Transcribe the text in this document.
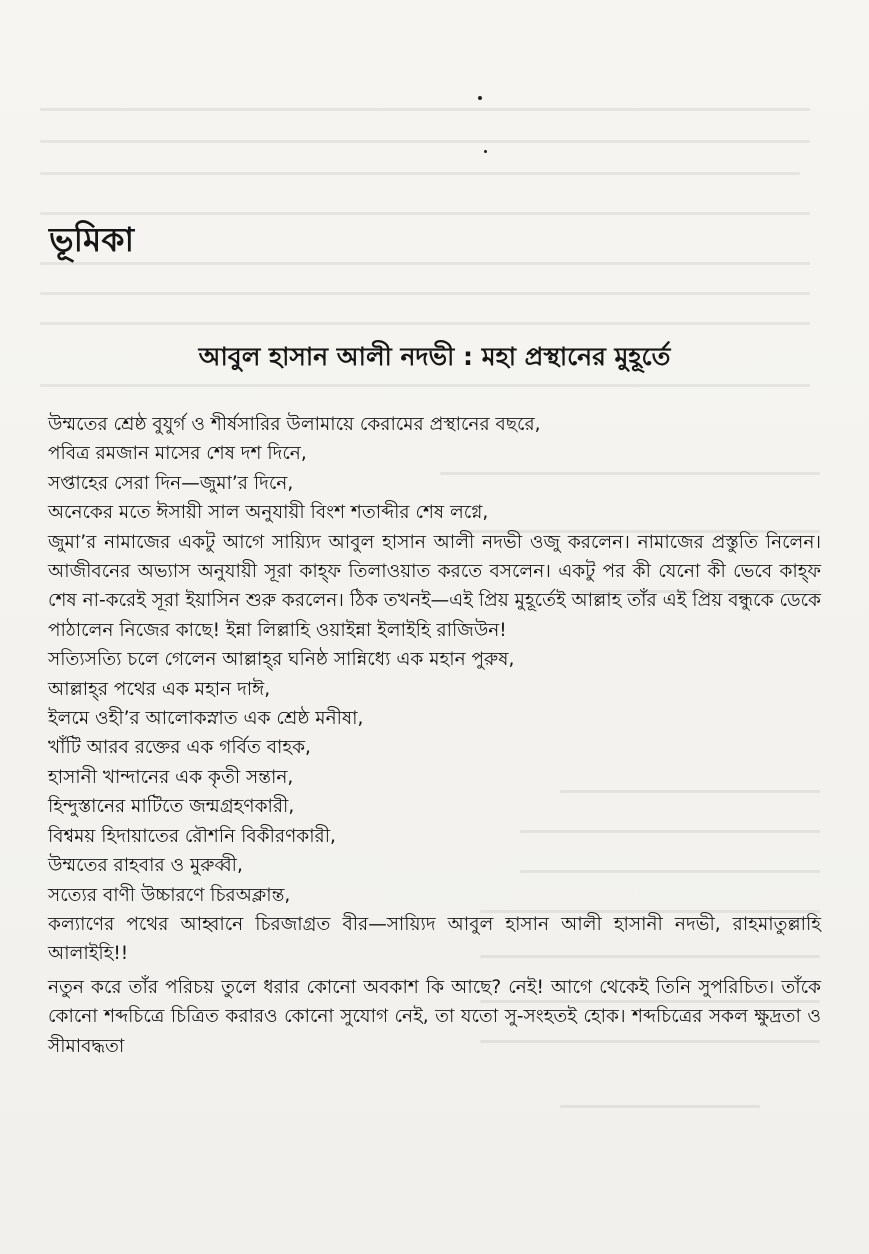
ভূমিকা
আবুল হাসান আলী নদভী : মহা প্রস্থানের মুহূর্তে
উম্মতের শ্রেষ্ঠ বুযুর্গ ও শীর্ষসারির উলামায়ে কেরামের প্রস্থানের বছরে,
পবিত্র রমজান মাসের শেষ দশ দিনে,
সপ্তাহের সেরা দিন—জুমা’র দিনে,
অনেকের মতে ঈসায়ী সাল অনুযায়ী বিংশ শতাব্দীর শেষ লগ্নে,
জুমা’র নামাজের একটু আগে সায়্যিদ আবুল হাসান আলী নদভী ওজু করলেন। নামাজের প্রস্তুতি নিলেন। আজীবনের অভ্যাস অনুযায়ী সূরা কাহ্‌ফ তিলাওয়াত করতে বসলেন। একটু পর কী যেনো কী ভেবে কাহ্‌ফ শেষ না-করেই সূরা ইয়াসিন শুরু করলেন। ঠিক তখনই—এই প্রিয় মুহূর্তেই আল্লাহ তাঁর এই প্রিয় বন্ধুকে ডেকে পাঠালেন নিজের কাছে! ইন্না লিল্লাহি ওয়াইন্না ইলাইহি রাজিউন!
সত্যিসত্যি চলে গেলেন আল্লাহ্‌র ঘনিষ্ঠ সান্নিধ্যে এক মহান পুরুষ,
আল্লাহ্‌র পথের এক মহান দাঈ,
ইলমে ওহী’র আলোকস্নাত এক শ্রেষ্ঠ মনীষা,
খাঁটি আরব রক্তের এক গর্বিত বাহক,
হাসানী খান্দানের এক কৃতী সন্তান,
হিন্দুস্তানের মাটিতে জন্মগ্রহণকারী,
বিশ্বময় হিদায়াতের রৌশনি বিকীরণকারী,
উম্মতের রাহবার ও মুরুব্বী,
সত্যের বাণী উচ্চারণে চিরঅক্লান্ত,
কল্যাণের পথের আহ্বানে চিরজাগ্রত বীর—সায়্যিদ আবুল হাসান আলী হাসানী নদভী, রাহমাতুল্লাহি আলাইহি!!
নতুন করে তাঁর পরিচয় তুলে ধরার কোনো অবকাশ কি আছে? নেই! আগে থেকেই তিনি সুপরিচিত। তাঁকে কোনো শব্দচিত্রে চিত্রিত করারও কোনো সুযোগ নেই, তা যতো সু-সংহতই হোক। শব্দচিত্রের সকল ক্ষুদ্রতা ও সীমাবদ্ধতা
